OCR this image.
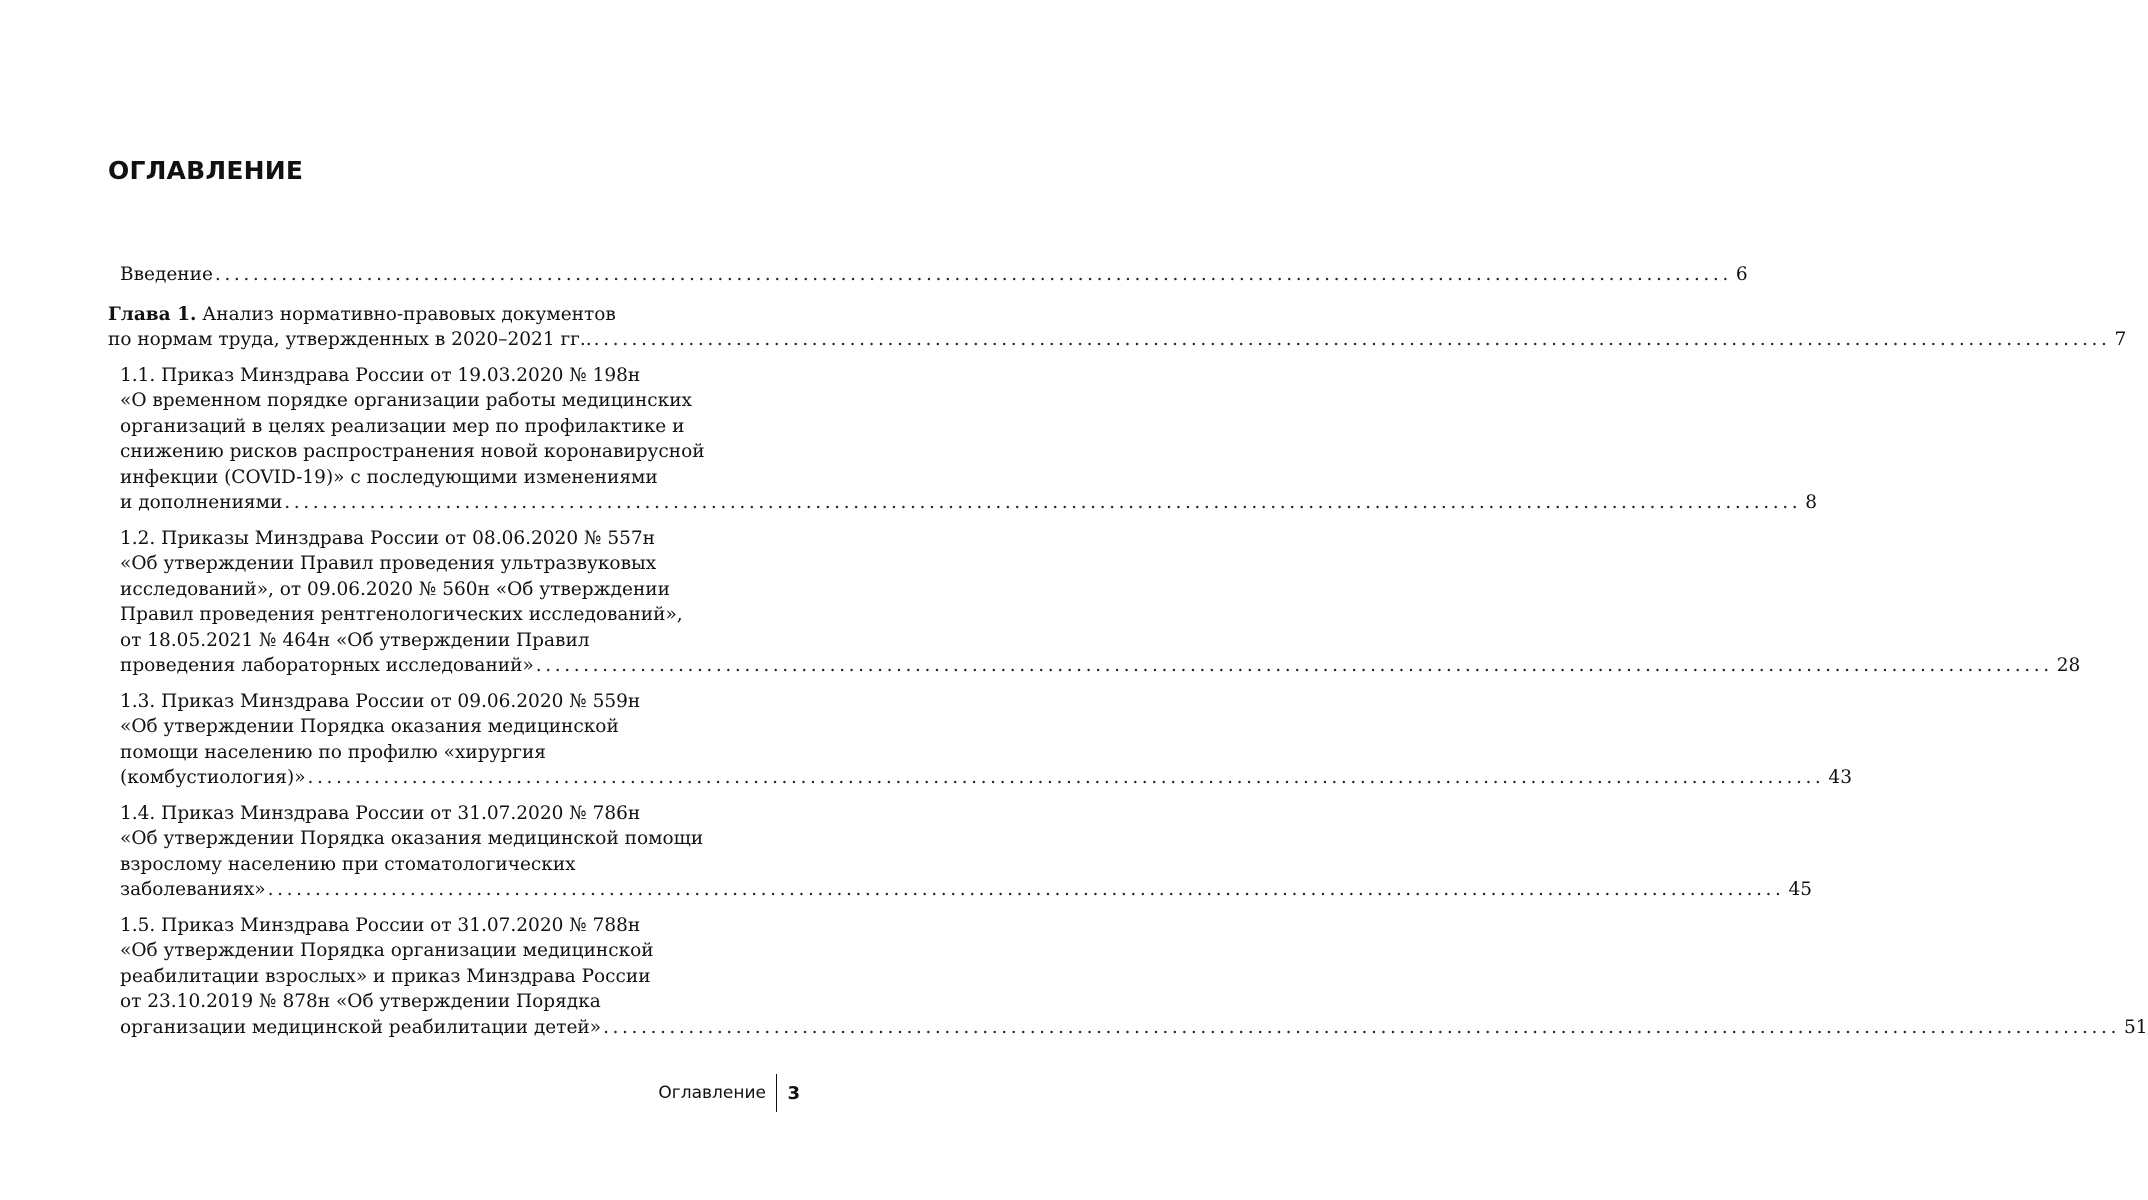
ОГЛАВЛЕНИЕ
Введение ................................................................................................................................................................ 6
Глава 1. Анализ нормативно-правовых документов
по нормам труда, утвержденных в 2020–2021 гг.. ................................................................................................................................................................ 7
1.1. Приказ Минздрава России от 19.03.2020 № 198н
«О временном порядке организации работы медицинских
организаций в целях реализации мер по профилактике и
снижению рисков распространения новой коронавирусной
инфекции (COVID-19)» с последующими изменениями
и дополнениями ................................................................................................................................................................ 8
1.2. Приказы Минздрава России от 08.06.2020 № 557н
«Об утверждении Правил проведения ультразвуковых
исследований», от 09.06.2020 № 560н «Об утверждении
Правил проведения рентгенологических исследований»,
от 18.05.2021 № 464н «Об утверждении Правил
проведения лабораторных исследований» ................................................................................................................................................................ 28
1.3. Приказ Минздрава России от 09.06.2020 № 559н
«Об утверждении Порядка оказания медицинской
помощи населению по профилю «хирургия
(комбустиология)» ................................................................................................................................................................ 43
1.4. Приказ Минздрава России от 31.07.2020 № 786н
«Об утверждении Порядка оказания медицинской помощи
взрослому населению при стоматологических
заболеваниях» ................................................................................................................................................................ 45
1.5. Приказ Минздрава России от 31.07.2020 № 788н
«Об утверждении Порядка организации медицинской
реабилитации взрослых» и приказ Минздрава России
от 23.10.2019 № 878н «Об утверждении Порядка
организации медицинской реабилитации детей» ................................................................................................................................................................ 51
Оглавление	3
